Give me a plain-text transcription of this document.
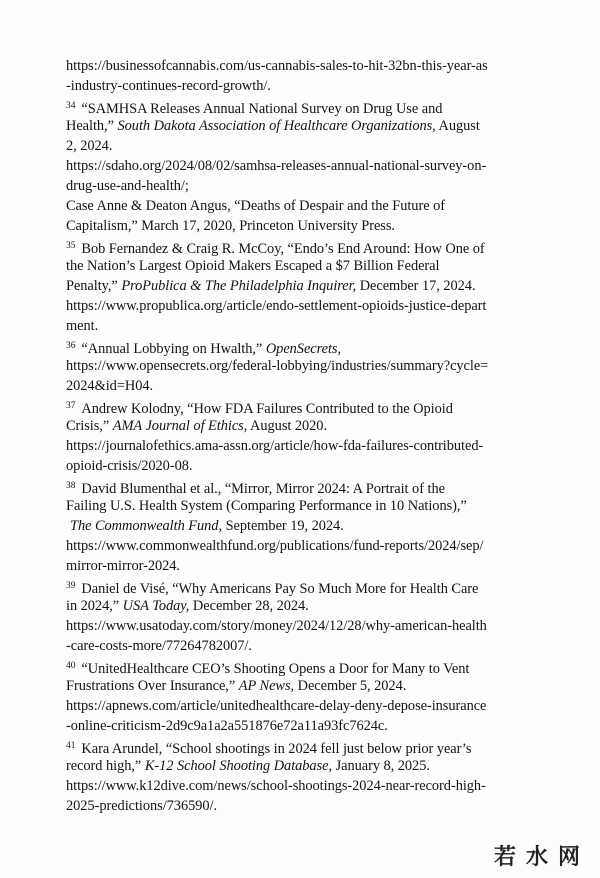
https://businessofcannabis.com/us-cannabis-sales-to-hit-32bn-this-year-as
-industry-continues-record-growth/.
$^{34}$ “SAMHSA Releases Annual National Survey on Drug Use and
Health,” South Dakota Association of Healthcare Organizations, August
2, 2024.
https://sdaho.org/2024/08/02/samhsa-releases-annual-national-survey-on-
drug-use-and-health/;
Case Anne & Deaton Angus, “Deaths of Despair and the Future of
Capitalism,” March 17, 2020, Princeton University Press.
$^{35}$ Bob Fernandez & Craig R. McCoy, “Endo’s End Around: How One of
the Nation’s Largest Opioid Makers Escaped a $7 Billion Federal
Penalty,” ProPublica & The Philadelphia Inquirer, December 17, 2024.
https://www.propublica.org/article/endo-settlement-opioids-justice-depart
ment.
$^{36}$ “Annual Lobbying on Hwalth,” OpenSecrets,
https://www.opensecrets.org/federal-lobbying/industries/summary?cycle=
2024&id=H04.
$^{37}$ Andrew Kolodny, “How FDA Failures Contributed to the Opioid
Crisis,” AMA Journal of Ethics, August 2020.
https://journalofethics.ama-assn.org/article/how-fda-failures-contributed-
opioid-crisis/2020-08.
$^{38}$ David Blumenthal et al., “Mirror, Mirror 2024: A Portrait of the
Failing U.S. Health System (Comparing Performance in 10 Nations),”
The Commonwealth Fund, September 19, 2024.
https://www.commonwealthfund.org/publications/fund-reports/2024/sep/
mirror-mirror-2024.
$^{39}$ Daniel de Visé, “Why Americans Pay So Much More for Health Care
in 2024,” USA Today, December 28, 2024.
https://www.usatoday.com/story/money/2024/12/28/why-american-health
-care-costs-more/77264782007/.
$^{40}$ “UnitedHealthcare CEO’s Shooting Opens a Door for Many to Vent
Frustrations Over Insurance,” AP News, December 5, 2024.
https://apnews.com/article/unitedhealthcare-delay-deny-depose-insurance
-online-criticism-2d9c9a1a2a551876e72a11a93fc7624c.
$^{41}$ Kara Arundel, “School shootings in 2024 fell just below prior year’s
record high,” K-12 School Shooting Database, January 8, 2025.
https://www.k12dive.com/news/school-shootings-2024-near-record-high-
2025-predictions/736590/.
若水网
